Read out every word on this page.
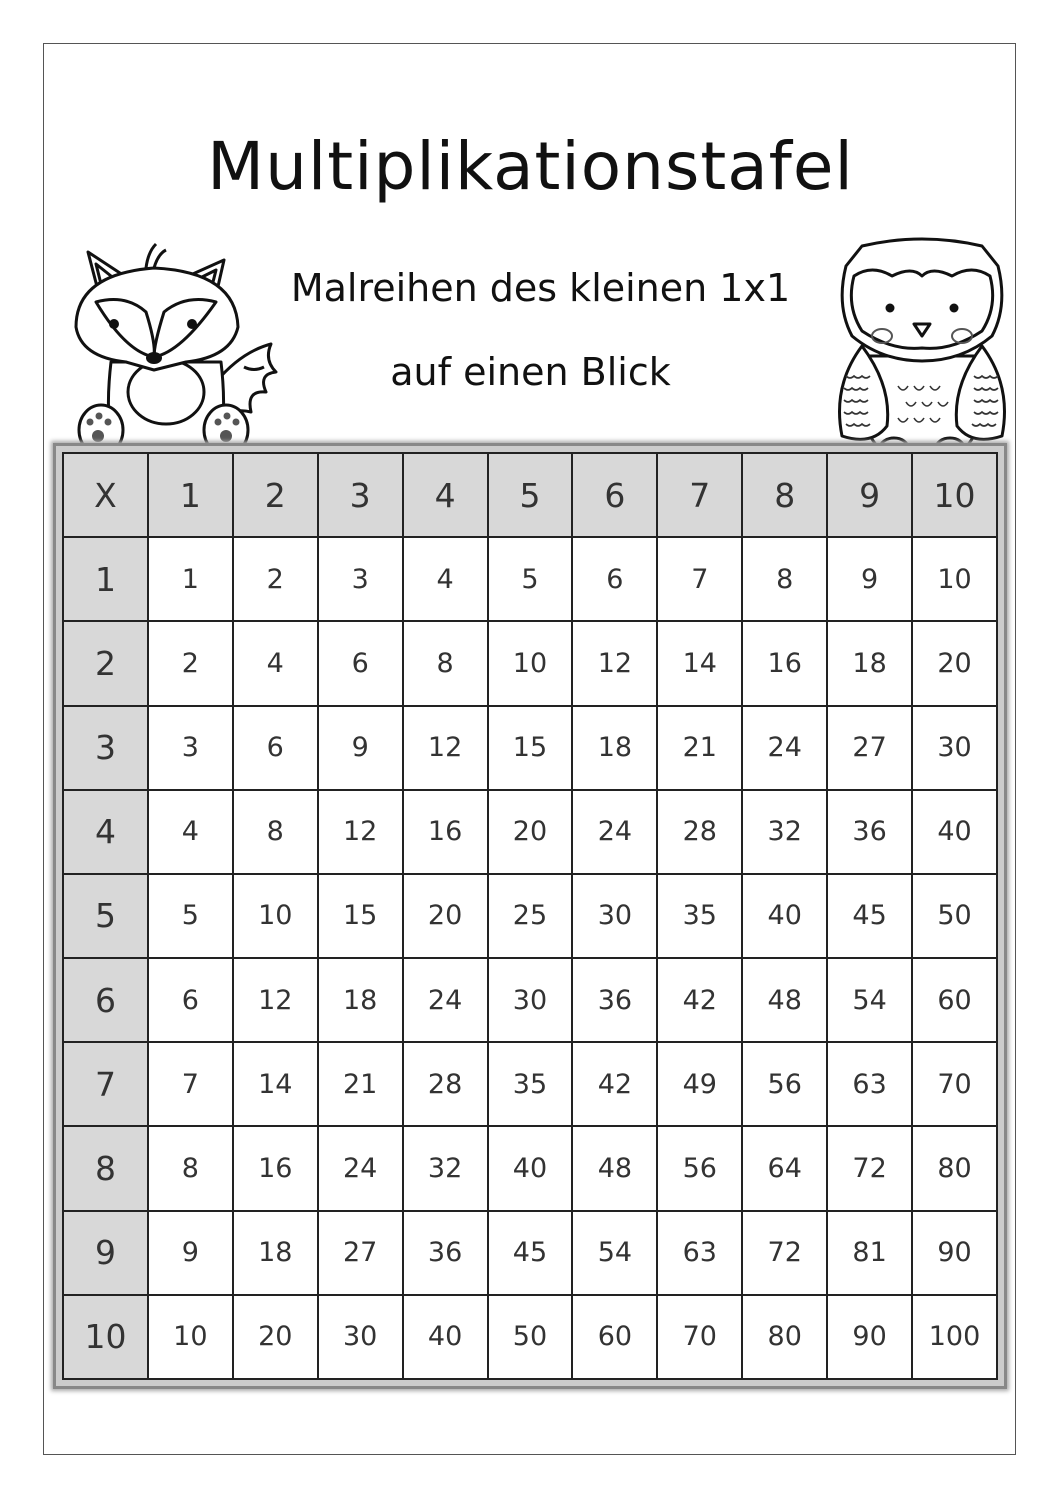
Multiplikationstafel
Malreihen des kleinen 1x1
auf einen Blick
X	1	2	3	4	5	6	7	8	9	10
1	1	2	3	4	5	6	7	8	9	10
2	2	4	6	8	10	12	14	16	18	20
3	3	6	9	12	15	18	21	24	27	30
4	4	8	12	16	20	24	28	32	36	40
5	5	10	15	20	25	30	35	40	45	50
6	6	12	18	24	30	36	42	48	54	60
7	7	14	21	28	35	42	49	56	63	70
8	8	16	24	32	40	48	56	64	72	80
9	9	18	27	36	45	54	63	72	81	90
10	10	20	30	40	50	60	70	80	90	100
